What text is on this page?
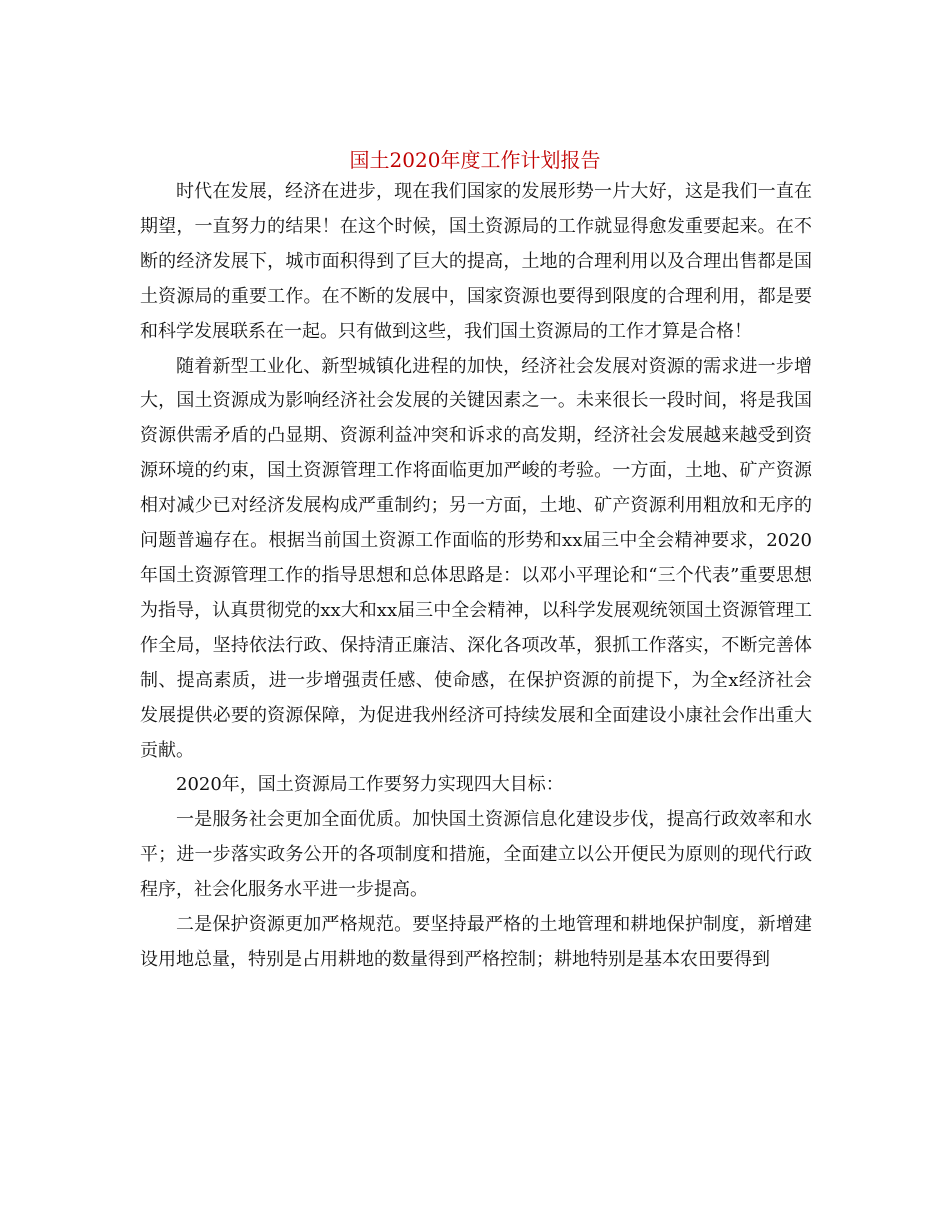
国土2020年度工作计划报告

时代在发展，经济在进步，现在我们国家的发展形势一片大好，这是我们一直在期望，一直努力的结果！在这个时候，国土资源局的工作就显得愈发重要起来。在不断的经济发展下，城市面积得到了巨大的提高，土地的合理利用以及合理出售都是国土资源局的重要工作。在不断的发展中，国家资源也要得到限度的合理利用，都是要和科学发展联系在一起。只有做到这些，我们国土资源局的工作才算是合格！

随着新型工业化、新型城镇化进程的加快，经济社会发展对资源的需求进一步增大，国土资源成为影响经济社会发展的关键因素之一。未来很长一段时间，将是我国资源供需矛盾的凸显期、资源利益冲突和诉求的高发期，经济社会发展越来越受到资源环境的约束，国土资源管理工作将面临更加严峻的考验。一方面，土地、矿产资源相对减少已对经济发展构成严重制约；另一方面，土地、矿产资源利用粗放和无序的问题普遍存在。根据当前国土资源工作面临的形势和xx届三中全会精神要求，2020年国土资源管理工作的指导思想和总体思路是：以邓小平理论和“三个代表”重要思想为指导，认真贯彻党的xx大和xx届三中全会精神，以科学发展观统领国土资源管理工作全局，坚持依法行政、保持清正廉洁、深化各项改革，狠抓工作落实，不断完善体制、提高素质，进一步增强责任感、使命感，在保护资源的前提下，为全x经济社会发展提供必要的资源保障，为促进我州经济可持续发展和全面建设小康社会作出重大贡献。

2020年，国土资源局工作要努力实现四大目标：

一是服务社会更加全面优质。加快国土资源信息化建设步伐，提高行政效率和水平；进一步落实政务公开的各项制度和措施，全面建立以公开便民为原则的现代行政程序，社会化服务水平进一步提高。

二是保护资源更加严格规范。要坚持最严格的土地管理和耕地保护制度，新增建设用地总量，特别是占用耕地的数量得到严格控制；耕地特别是基本农田要得到
